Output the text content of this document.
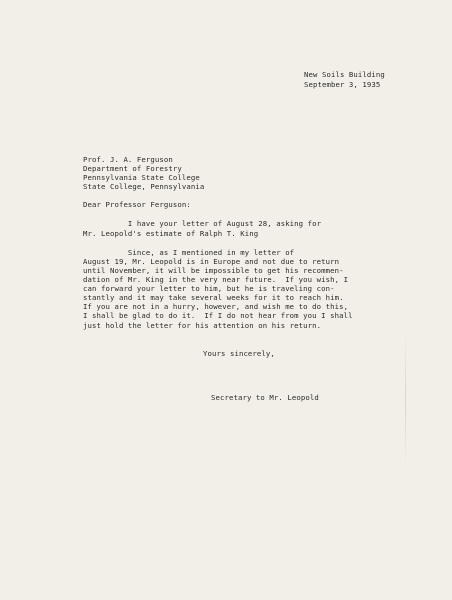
New Soils Building
September 3, 1935
Prof. J. A. Ferguson
Department of Forestry
Pennsylvania State College
State College, Pennsylvania
Dear Professor Ferguson:
I have your letter of August 28, asking for
Mr. Leopold's estimate of Ralph T. King
Since, as I mentioned in my letter of
August 19, Mr. Leopold is in Europe and not due to return
until November, it will be impossible to get his recommen-
dation of Mr. King in the very near future.  If you wish, I
can forward your letter to him, but he is traveling con-
stantly and it may take several weeks for it to reach him.
If you are not in a hurry, however, and wish me to do this,
I shall be glad to do it.  If I do not hear from you I shall
just hold the letter for his attention on his return.
Yours sincerely,
Secretary to Mr. Leopold
